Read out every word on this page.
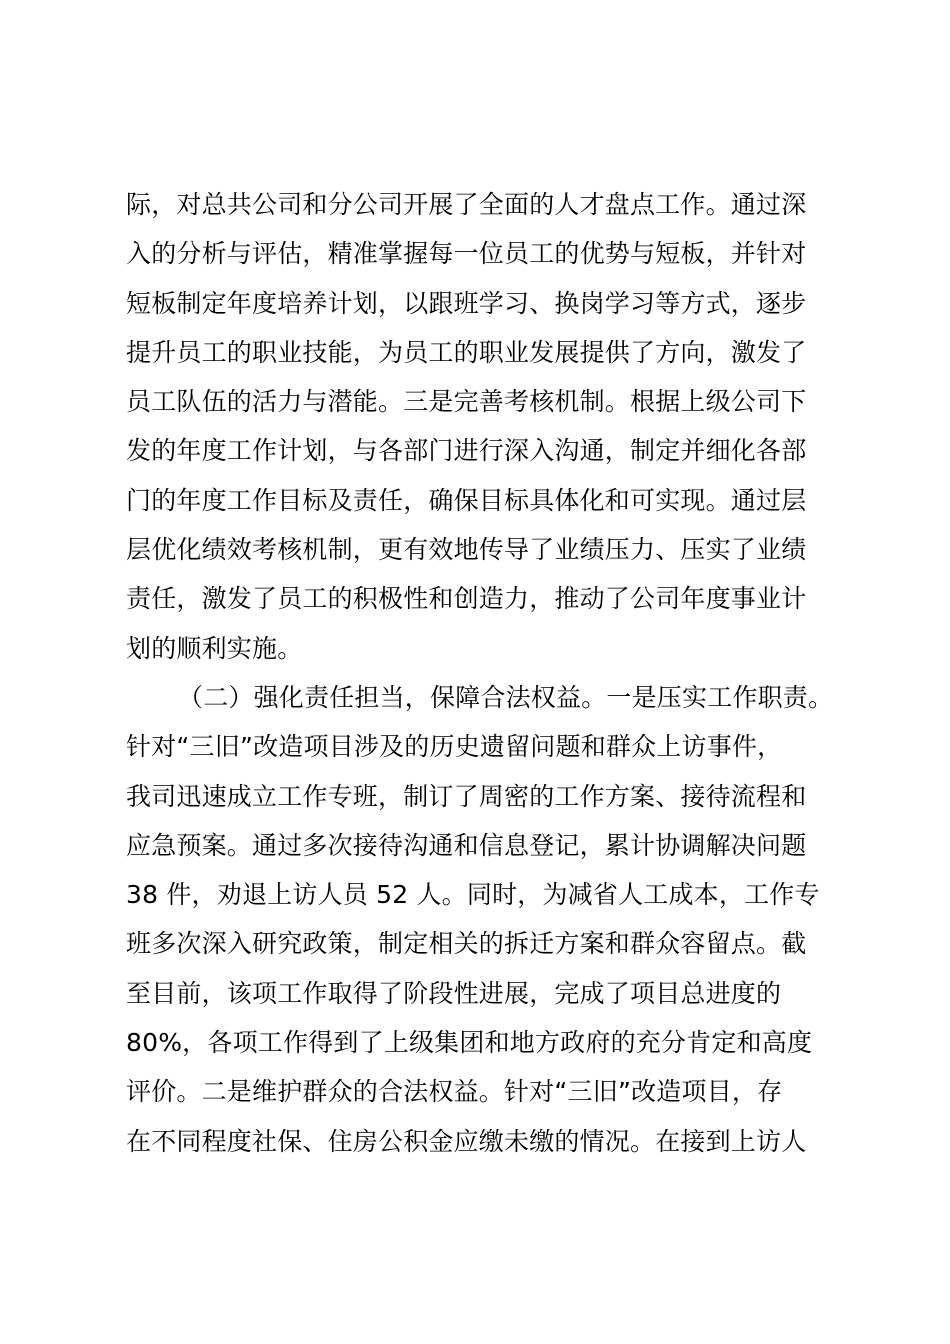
际，对总共公司和分公司开展了全面的人才盘点工作。通过深
入的分析与评估，精准掌握每一位员工的优势与短板，并针对
短板制定年度培养计划，以跟班学习、换岗学习等方式，逐步
提升员工的职业技能，为员工的职业发展提供了方向，激发了
员工队伍的活力与潜能。三是完善考核机制。根据上级公司下
发的年度工作计划，与各部门进行深入沟通，制定并细化各部
门的年度工作目标及责任，确保目标具体化和可实现。通过层
层优化绩效考核机制，更有效地传导了业绩压力、压实了业绩
责任，激发了员工的积极性和创造力，推动了公司年度事业计
划的顺利实施。
（二）强化责任担当，保障合法权益。一是压实工作职责。
针对“三旧”改造项目涉及的历史遗留问题和群众上访事件，
我司迅速成立工作专班，制订了周密的工作方案、接待流程和
应急预案。通过多次接待沟通和信息登记，累计协调解决问题
38 件，劝退上访人员 52 人。同时，为减省人工成本，工作专
班多次深入研究政策，制定相关的拆迁方案和群众容留点。截
至目前，该项工作取得了阶段性进展，完成了项目总进度的
80%，各项工作得到了上级集团和地方政府的充分肯定和高度
评价。二是维护群众的合法权益。针对“三旧”改造项目，存
在不同程度社保、住房公积金应缴未缴的情况。在接到上访人
